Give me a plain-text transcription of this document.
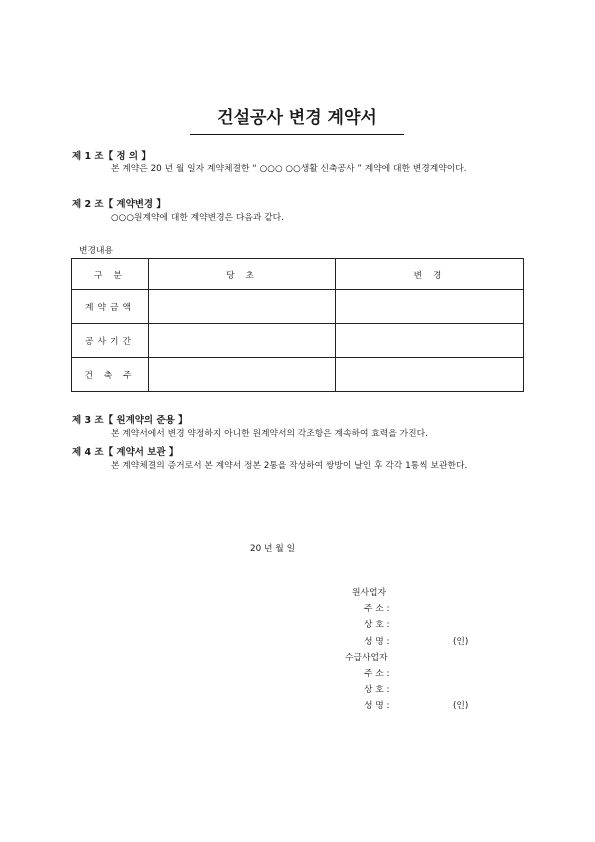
건설공사 변경 계약서
제 1 조【 정 의 】
본 계약은 20 년 월 일자 계약체결한 “ ○○○ ○○생활 신축공사 ” 계약에 대한 변경계약이다.
제 2 조【 계약변경 】
○○○원계약에 대한 계약변경은 다음과 같다.
변경내용
구 분	당 초	변 경
계약금액		
공사기간		
건 축 주		
제 3 조【 원계약의 준용 】
본 계약서에서 변경 약정하지 아니한 원계약서의 각조항은 계속하여 효력을 가진다.
제 4 조【 계약서 보관 】
본 계약체결의 증거로서 본 계약서 정본 2통을 작성하여 쌍방이 날인 후 각각 1통씩 보관한다.
20 년 월 일
원사업자
주 소 :
상 호 :
성 명 :	(인)
수급사업자
주 소 :
상 호 :
성 명 :	(인)
